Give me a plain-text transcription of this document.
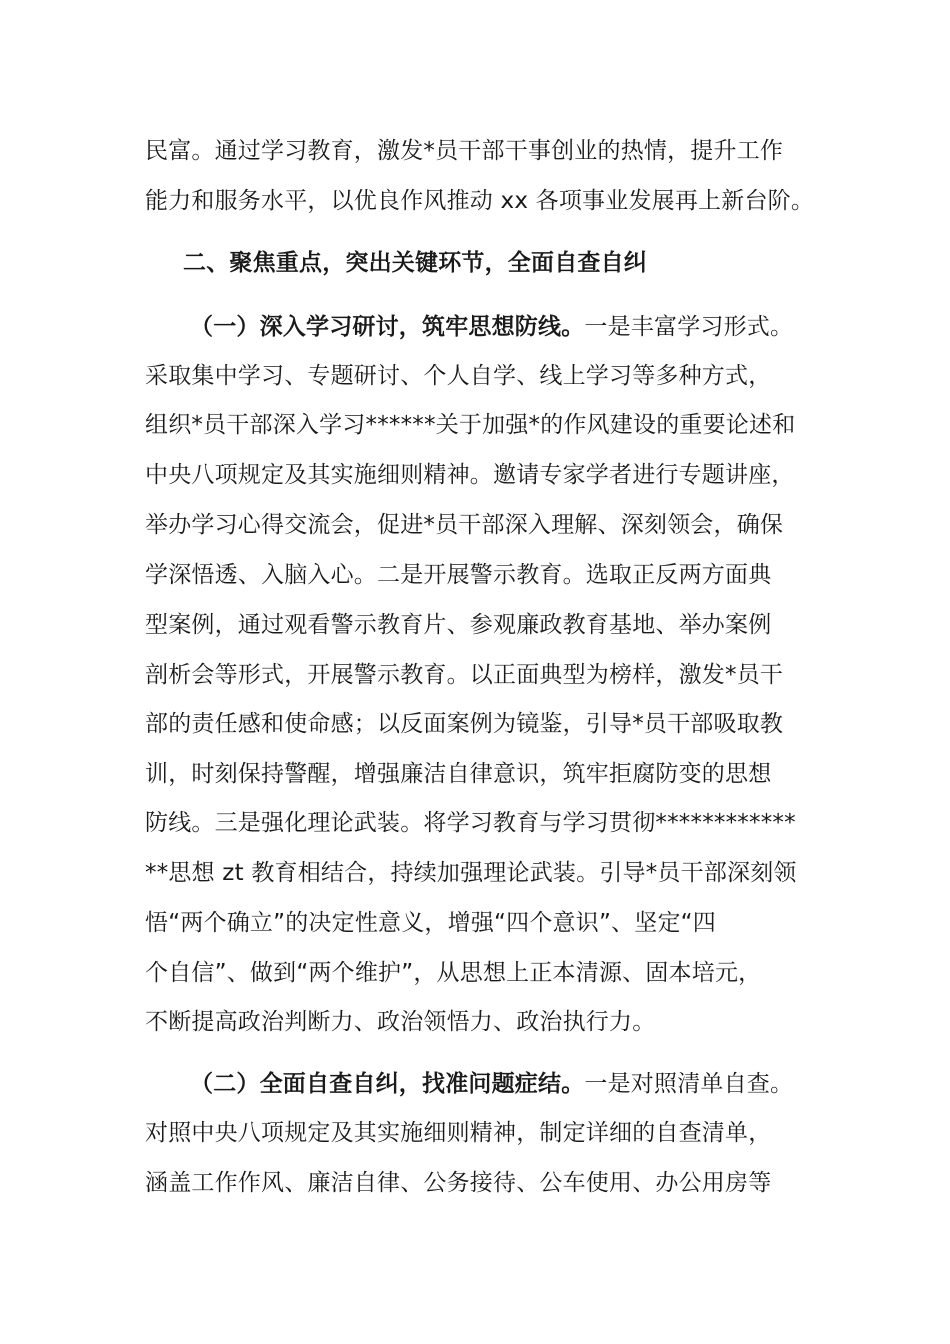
民富。通过学习教育，激发*员干部干事创业的热情，提升工作
能力和服务水平，以优良作风推动 xx 各项事业发展再上新台阶。
二、聚焦重点，突出关键环节，全面自查自纠
（一）深入学习研讨，筑牢思想防线。一是丰富学习形式。
采取集中学习、专题研讨、个人自学、线上学习等多种方式，
组织*员干部深入学习******关于加强*的作风建设的重要论述和
中央八项规定及其实施细则精神。邀请专家学者进行专题讲座，
举办学习心得交流会，促进*员干部深入理解、深刻领会，确保
学深悟透、入脑入心。二是开展警示教育。选取正反两方面典
型案例，通过观看警示教育片、参观廉政教育基地、举办案例
剖析会等形式，开展警示教育。以正面典型为榜样，激发*员干
部的责任感和使命感；以反面案例为镜鉴，引导*员干部吸取教
训，时刻保持警醒，增强廉洁自律意识，筑牢拒腐防变的思想
防线。三是强化理论武装。将学习教育与学习贯彻************
**思想 zt 教育相结合，持续加强理论武装。引导*员干部深刻领
悟“两个确立”的决定性意义，增强“四个意识”、坚定“四
个自信”、做到“两个维护”，从思想上正本清源、固本培元，
不断提高政治判断力、政治领悟力、政治执行力。
（二）全面自查自纠，找准问题症结。一是对照清单自查。
对照中央八项规定及其实施细则精神，制定详细的自查清单，
涵盖工作作风、廉洁自律、公务接待、公车使用、办公用房等
